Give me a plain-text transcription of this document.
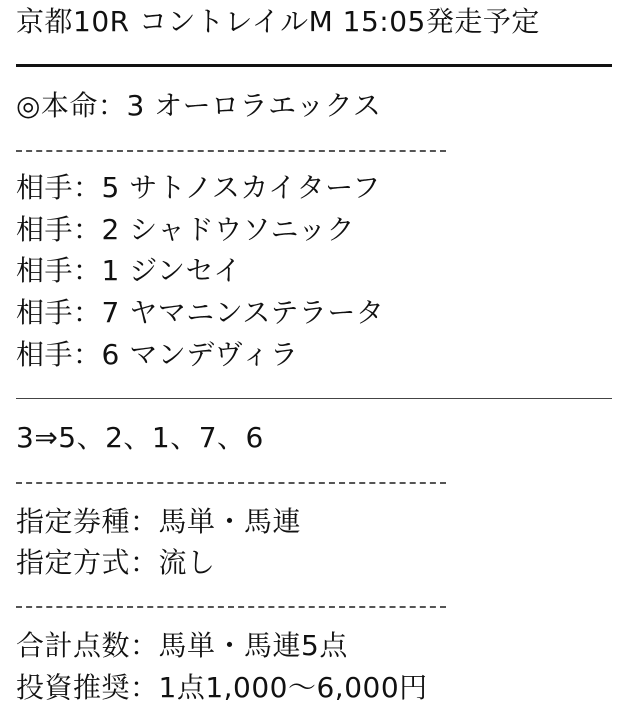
京都10R コントレイルM 15:05発走予定
◎本命：3 オーロラエックス
相手：5 サトノスカイターフ
相手：2 シャドウソニック
相手：1 ジンセイ
相手：7 ヤマニンステラータ
相手：6 マンデヴィラ
3⇒5、2、1、7、6
指定券種：馬単・馬連
指定方式：流し
合計点数：馬単・馬連5点
投資推奨：1点1,000〜6,000円
